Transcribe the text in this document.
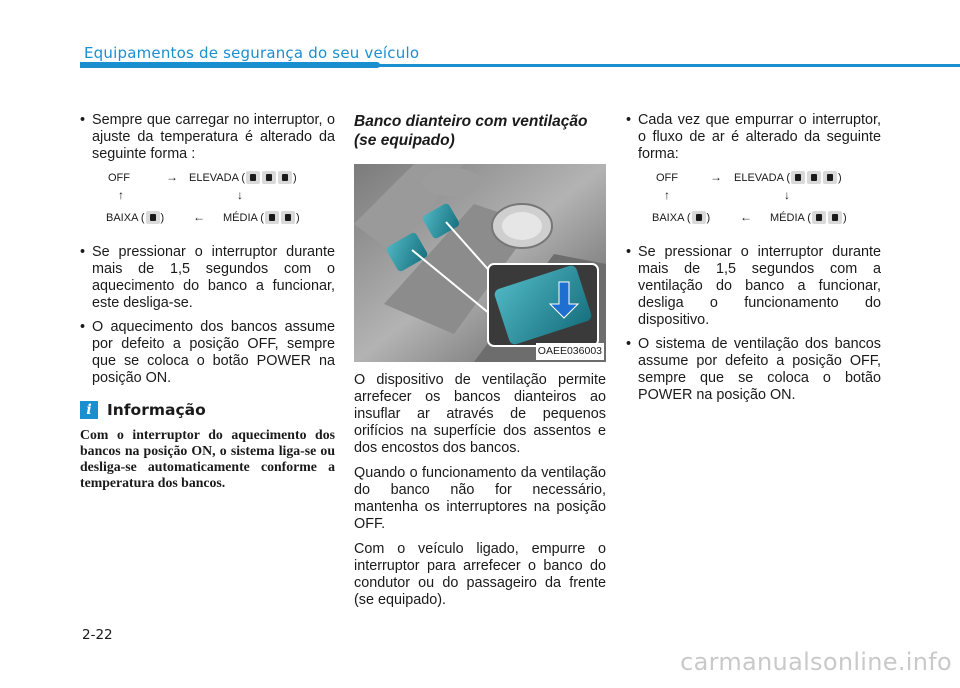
Equipamentos de segurança do seu veículo

• Sempre que carregar no interruptor, o ajuste da temperatura é alterado da seguinte forma :

OFF	→ ELEVADA (	)
↑	↓
BAIXA ( ) ← MÉDIA (	)

• Se pressionar o interruptor durante mais de 1,5 segundos com o aquecimento do banco a funcionar, este desliga-se.

• O aquecimento dos bancos assume por defeito a posição OFF, sempre que se coloca o botão POWER na posição ON.

i Informação

Com o interruptor do aquecimento dos bancos na posição ON, o sistema liga-se ou desliga-se automaticamente conforme a temperatura dos bancos.

Banco dianteiro com ventilação (se equipado)
OAEE036003

O dispositivo de ventilação permite arrefecer os bancos dianteiros ao insuflar ar através de pequenos orifícios na superfície dos assentos e dos encostos dos bancos.

Quando o funcionamento da ventilação do banco não for necessário, mantenha os interruptores na posição OFF.

Com o veículo ligado, empurre o interruptor para arrefecer o banco do condutor ou do passageiro da frente (se equipado).

• Cada vez que empurrar o interruptor, o fluxo de ar é alterado da seguinte forma:

OFF	→ ELEVADA (	)
↑	↓
BAIXA ( ) ← MÉDIA (	)

• Se pressionar o interruptor durante mais de 1,5 segundos com a ventilação do banco a funcionar, desliga o funcionamento do dispositivo.

• O sistema de ventilação dos bancos assume por defeito a posição OFF, sempre que se coloca o botão POWER na posição ON.

2-22
carmanualsonline.info
